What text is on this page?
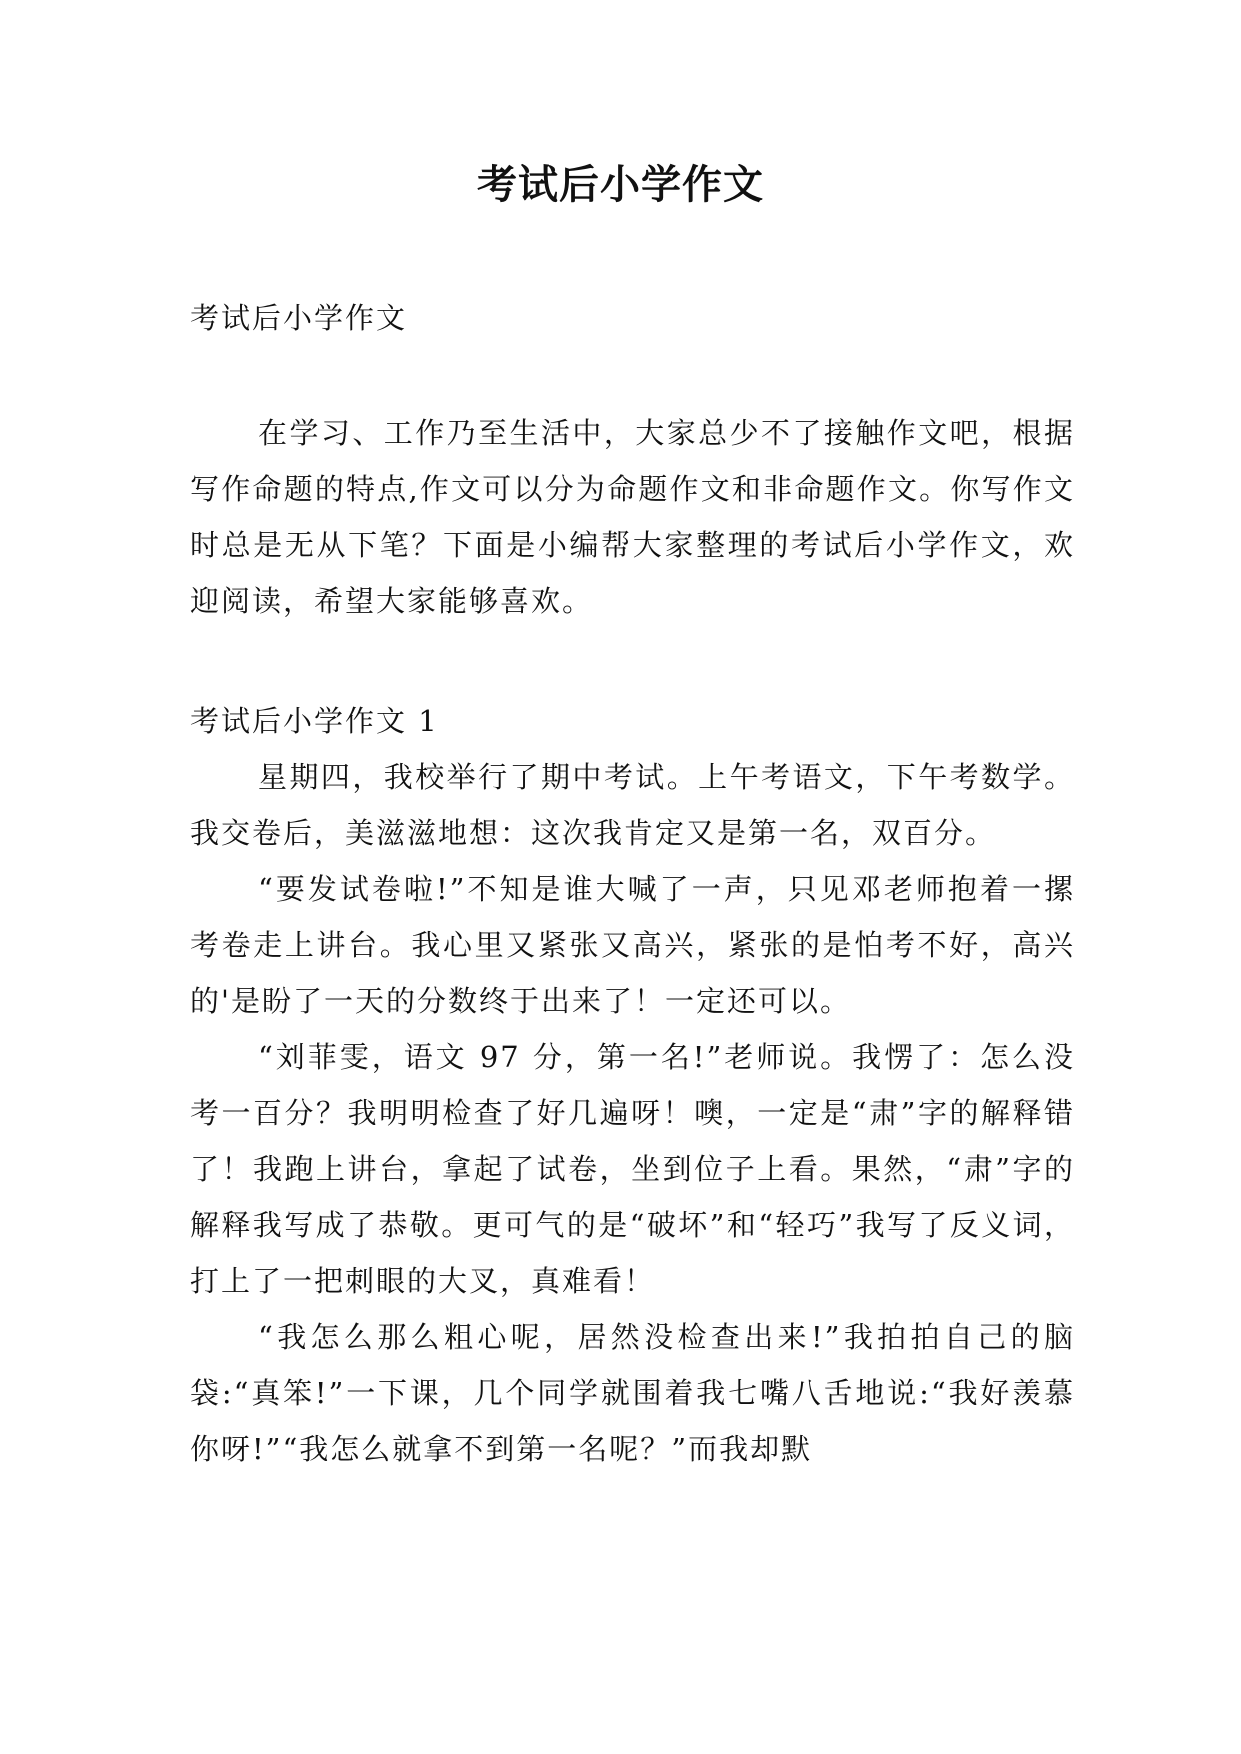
考试后小学作文
考试后小学作文

在学习、工作乃至生活中，大家总少不了接触作文吧，根据写作命题的特点,作文可以分为命题作文和非命题作文。你写作文时总是无从下笔？下面是小编帮大家整理的考试后小学作文，欢迎阅读，希望大家能够喜欢。

考试后小学作文 1

星期四，我校举行了期中考试。上午考语文，下午考数学。我交卷后，美滋滋地想：这次我肯定又是第一名，双百分。

“要发试卷啦!”不知是谁大喊了一声，只见邓老师抱着一摞考卷走上讲台。我心里又紧张又高兴，紧张的是怕考不好，高兴的'是盼了一天的分数终于出来了！一定还可以。

“刘菲雯，语文 97 分，第一名!”老师说。我愣了：怎么没考一百分？我明明检查了好几遍呀！噢，一定是“肃”字的解释错了！我跑上讲台，拿起了试卷，坐到位子上看。果然，“肃”字的解释我写成了恭敬。更可气的是“破坏”和“轻巧”我写了反义词，打上了一把刺眼的大叉，真难看！

“我怎么那么粗心呢，居然没检查出来!”我拍拍自己的脑袋:“真笨!”一下课，几个同学就围着我七嘴八舌地说:“我好羡慕你呀!”“我怎么就拿不到第一名呢？”而我却默
